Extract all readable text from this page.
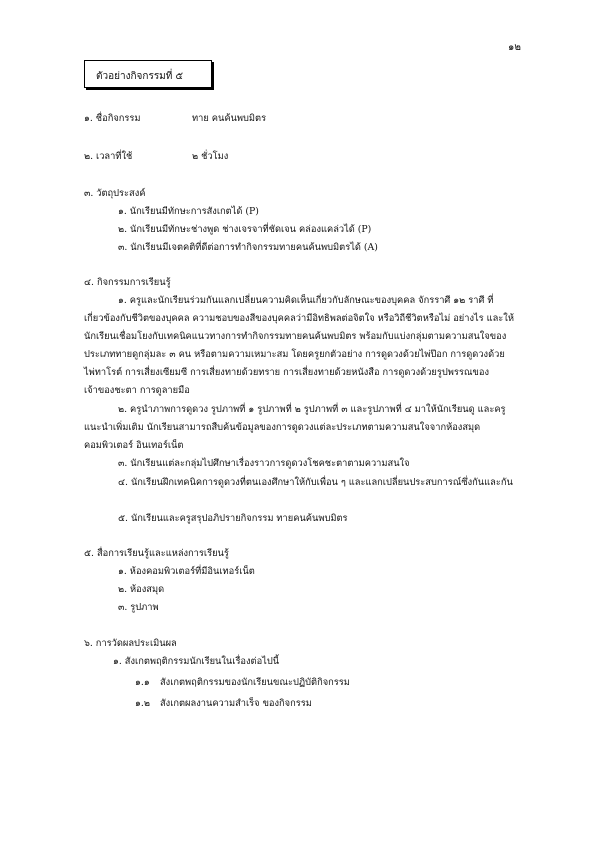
๑๒
ตัวอย่างกิจกรรมที่ ๕
๑. ชื่อกิจกรรม	ทาย คนค้นพบมิตร
๒. เวลาที่ใช้	๒ ชั่วโมง
๓. วัตถุประสงค์
๑. นักเรียนมีทักษะการสังเกตได้ (P)
๒. นักเรียนมีทักษะช่างพูด ช่างเจรจาที่ชัดเจน คล่องแคล่วได้ (P)
๓. นักเรียนมีเจตคติที่ดีต่อการทำกิจกรรมทายคนค้นพบมิตรได้ (A)
๔. กิจกรรมการเรียนรู้

๑. ครูและนักเรียนร่วมกันแลกเปลี่ยนความคิดเห็นเกี่ยวกับลักษณะของบุคคล จักรราศี ๑๒ ราศี ที่เกี่ยวข้องกับชีวิตของบุคคล ความชอบของสีของบุคคลว่ามีอิทธิพลต่อจิตใจ หรือวิถีชีวิตหรือไม่ อย่างไร และให้นักเรียนเชื่อมโยงกับเทคนิคแนวทางการทำกิจกรรมทายคนค้นพบมิตร พร้อมกับแบ่งกลุ่มตามความสนใจของประเภททายดูกลุ่มละ ๓ คน หรือตามความเหมาะสม โดยครูยกตัวอย่าง การดูดวงด้วยไพ่ป๊อก การดูดวงด้วยไพ่ทาโรต์ การเสี่ยงเซียมซี การเสี่ยงทายด้วยทราย การเสี่ยงทายด้วยหนังสือ การดูดวงด้วยรูปพรรณของเจ้าของชะตา การดูลายมือ

๒. ครูนำภาพการดูดวง รูปภาพที่ ๑ รูปภาพที่ ๒ รูปภาพที่ ๓ และรูปภาพที่ ๔ มาให้นักเรียนดู และครูแนะนำเพิ่มเติม นักเรียนสามารถสืบค้นข้อมูลของการดูดวงแต่ละประเภทตามความสนใจจากห้องสมุดคอมพิวเตอร์ อินเทอร์เน็ต

๓. นักเรียนแต่ละกลุ่มไปศึกษาเรื่องราวการดูดวงโชคชะตาตามความสนใจ

๔. นักเรียนฝึกเทคนิคการดูดวงที่ตนเองศึกษาให้กับเพื่อน ๆ และแลกเปลี่ยนประสบการณ์ซึ่งกันและกัน

๕. นักเรียนและครูสรุปอภิปรายกิจกรรม ทายคนค้นพบมิตร
๕. สื่อการเรียนรู้และแหล่งการเรียนรู้
๑. ห้องคอมพิวเตอร์ที่มีอินเทอร์เน็ต
๒. ห้องสมุด
๓. รูปภาพ
๖. การวัดผลประเมินผล
๑. สังเกตพฤติกรรมนักเรียนในเรื่องต่อไปนี้
๑.๑ สังเกตพฤติกรรมของนักเรียนขณะปฏิบัติกิจกรรม
๑.๒ สังเกตผลงานความสำเร็จ ของกิจกรรม
